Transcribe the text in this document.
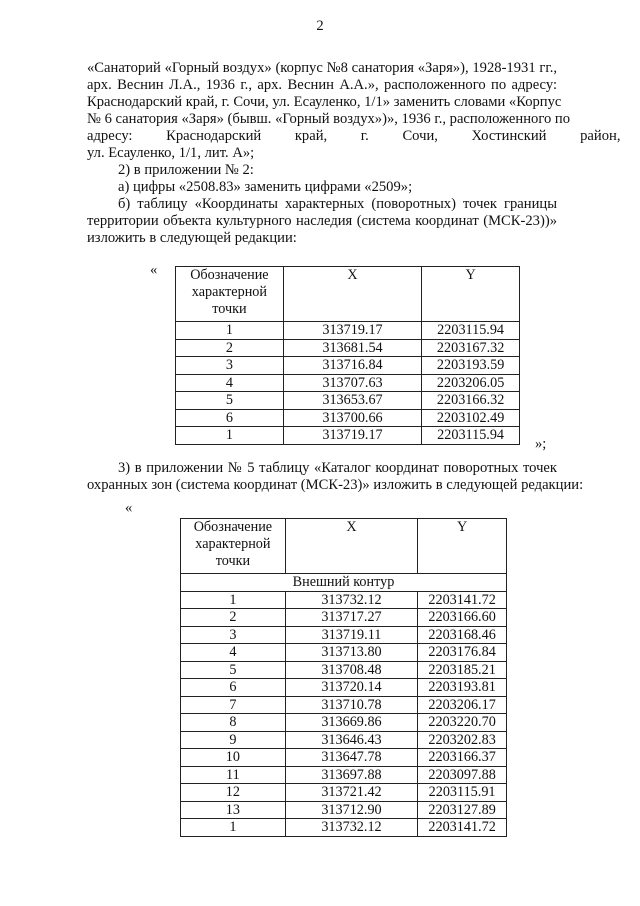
2
«Санаторий «Горный воздух» (корпус №8 санатория «Заря»), 1928-1931 гг.,
арх. Веснин Л.А., 1936 г., арх. Веснин А.А.», расположенного по адресу:
Краснодарский край, г. Сочи, ул. Есауленко, 1/1» заменить словами «Корпус
№ 6 санатория «Заря» (бывш. «Горный воздух»)», 1936 г., расположенного по
адресу: Краснодарский край, г. Сочи, Хостинский район,
ул. Есауленко, 1/1, лит. А»;
2) в приложении № 2:
а) цифры «2508.83» заменить цифрами «2509»;
б) таблицу «Координаты характерных (поворотных) точек границы
территории объекта культурного наследия (система координат (МСК-23))»
изложить в следующей редакции:
« Обозначение характерной точки	X	Y
1	313719.17	2203115.94
2	313681.54	2203167.32
3	313716.84	2203193.59
4	313707.63	2203206.05
5	313653.67	2203166.32
6	313700.66	2203102.49
1	313719.17	2203115.94
»;
3) в приложении № 5 таблицу «Каталог координат поворотных точек
охранных зон (система координат (МСК-23)» изложить в следующей редакции:
«
Обозначение характерной точки	X	Y
Внешний контур		
1	313732.12	2203141.72
2	313717.27	2203166.60
3	313719.11	2203168.46
4	313713.80	2203176.84
5	313708.48	2203185.21
6	313720.14	2203193.81
7	313710.78	2203206.17
8	313669.86	2203220.70
9	313646.43	2203202.83
10	313647.78	2203166.37
11	313697.88	2203097.88
12	313721.42	2203115.91
13	313712.90	2203127.89
1	313732.12	2203141.72
